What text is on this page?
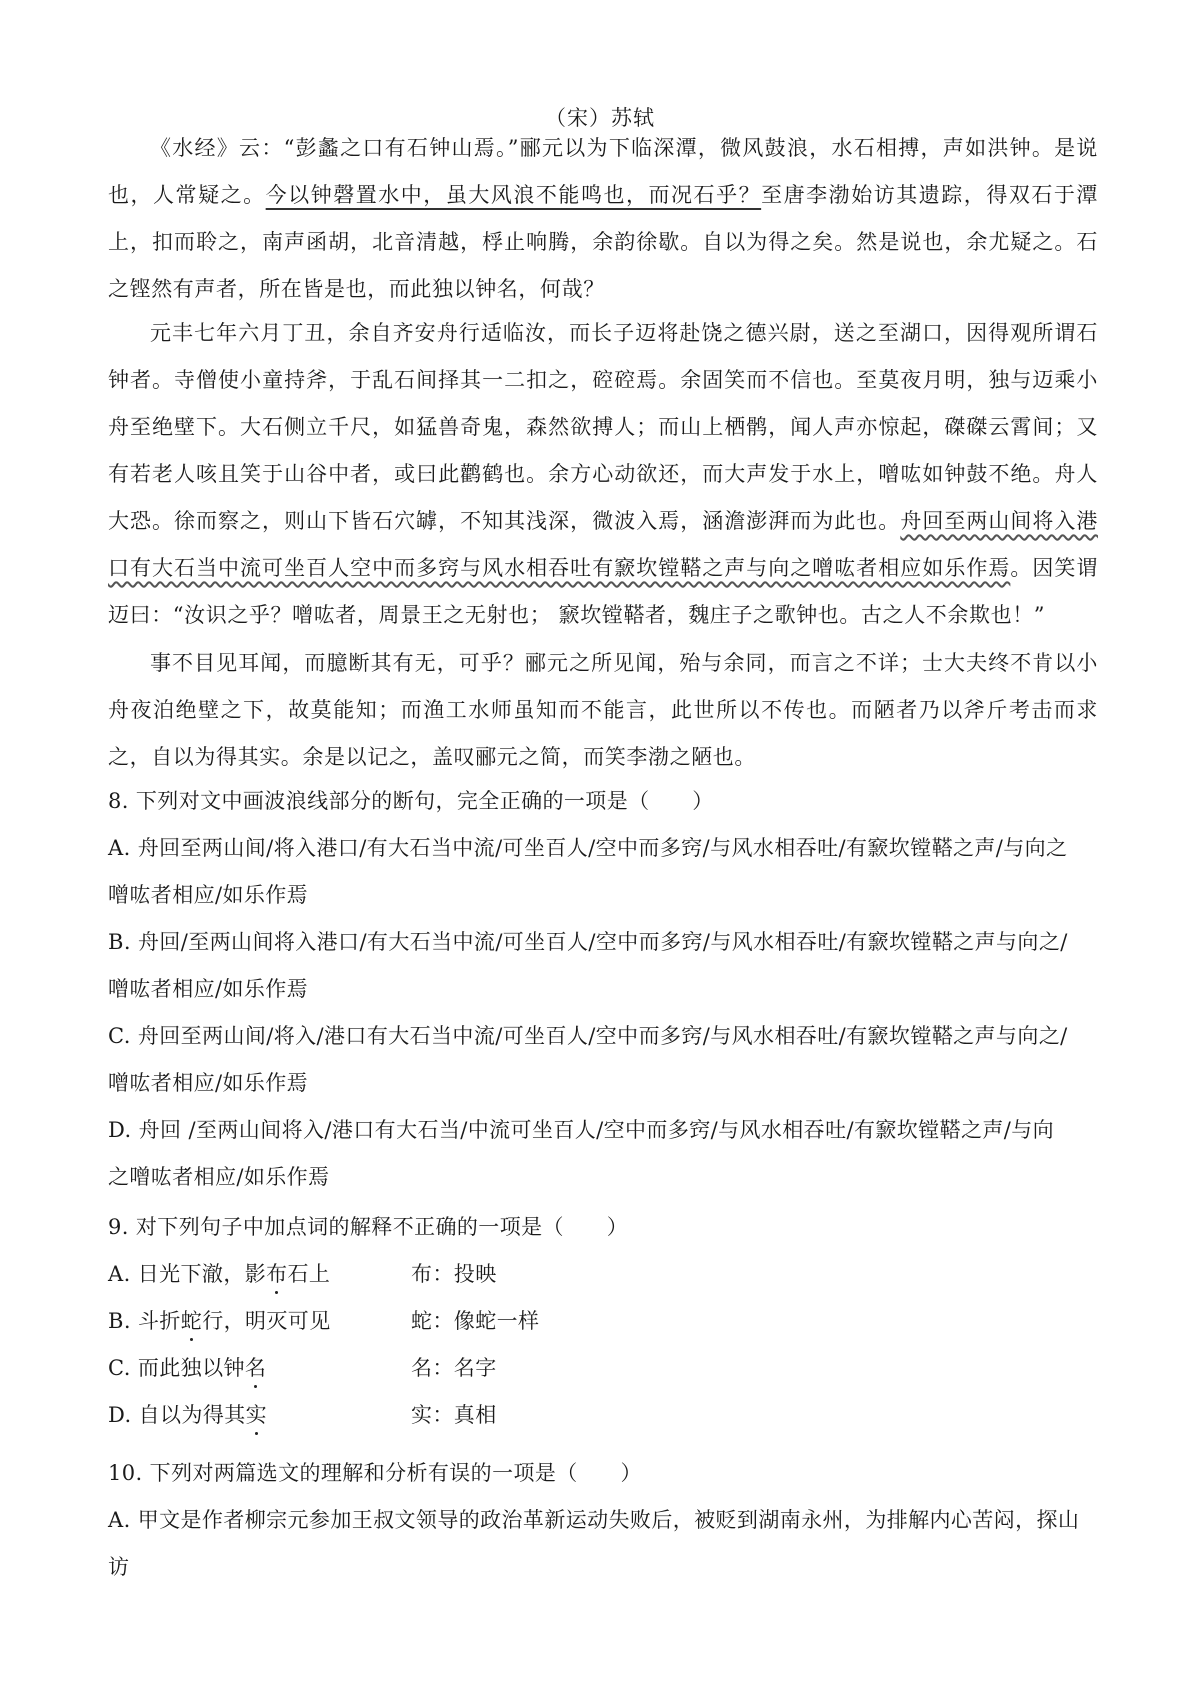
（宋）苏轼

《水经》云：“彭蠡之口有石钟山焉。”郦元以为下临深潭，微风鼓浪，水石相搏，声如洪钟。是说也，人常疑之。今以钟磬置水中，虽大风浪不能鸣也，而况石乎？至唐李渤始访其遗踪，得双石于潭上，扣而聆之，南声函胡，北音清越，桴止响腾，余韵徐歇。自以为得之矣。然是说也，余尤疑之。石之铿然有声者，所在皆是也，而此独以钟名，何哉？

元丰七年六月丁丑，余自齐安舟行适临汝，而长子迈将赴饶之德兴尉，送之至湖口，因得观所谓石钟者。寺僧使小童持斧，于乱石间择其一二扣之，硿硿焉。余固笑而不信也。至莫夜月明，独与迈乘小舟至绝壁下。大石侧立千尺，如猛兽奇鬼，森然欲搏人；而山上栖鹘，闻人声亦惊起，磔磔云霄间；又有若老人咳且笑于山谷中者，或曰此鹳鹤也。余方心动欲还，而大声发于水上，噌吰如钟鼓不绝。舟人大恐。徐而察之，则山下皆石穴罅，不知其浅深，微波入焉，涵澹澎湃而为此也。舟回至两山间将入港口有大石当中流可坐百人空中而多窍与风水相吞吐有窾坎镗鞳之声与向之噌吰者相应如乐作焉。因笑谓迈曰：“汝识之乎？噌吰者，周景王之无射也； 窾坎镗鞳者，魏庄子之歌钟也。古之人不余欺也！”

事不目见耳闻，而臆断其有无，可乎？郦元之所见闻，殆与余同，而言之不详；士大夫终不肯以小舟夜泊绝壁之下，故莫能知；而渔工水师虽知而不能言，此世所以不传也。而陋者乃以斧斤考击而求之，自以为得其实。余是以记之，盖叹郦元之简，而笑李渤之陋也。

8. 下列对文中画波浪线部分的断句，完全正确的一项是（　　）

A. 舟回至两山间/将入港口/有大石当中流/可坐百人/空中而多窍/与风水相吞吐/有窾坎镗鞳之声/与向之

噌吰者相应/如乐作焉

B. 舟回/至两山间将入港口/有大石当中流/可坐百人/空中而多窍/与风水相吞吐/有窾坎镗鞳之声与向之/

噌吰者相应/如乐作焉

C. 舟回至两山间/将入/港口有大石当中流/可坐百人/空中而多窍/与风水相吞吐/有窾坎镗鞳之声与向之/

噌吰者相应/如乐作焉

D. 舟回 /至两山间将入/港口有大石当/中流可坐百人/空中而多窍/与风水相吞吐/有窾坎镗鞳之声/与向

之噌吰者相应/如乐作焉

9. 对下列句子中加点词的解释不正确的一项是（　　）

A. 日光下澈，影布石上	布：投映
B. 斗折蛇行，明灭可见	蛇：像蛇一样
C. 而此独以钟名	名：名字
D. 自以为得其实	实：真相

10. 下列对两篇选文的理解和分析有误的一项是（　　）

A. 甲文是作者柳宗元参加王叔文领导的政治革新运动失败后，被贬到湖南永州，为排解内心苦闷，探山访
